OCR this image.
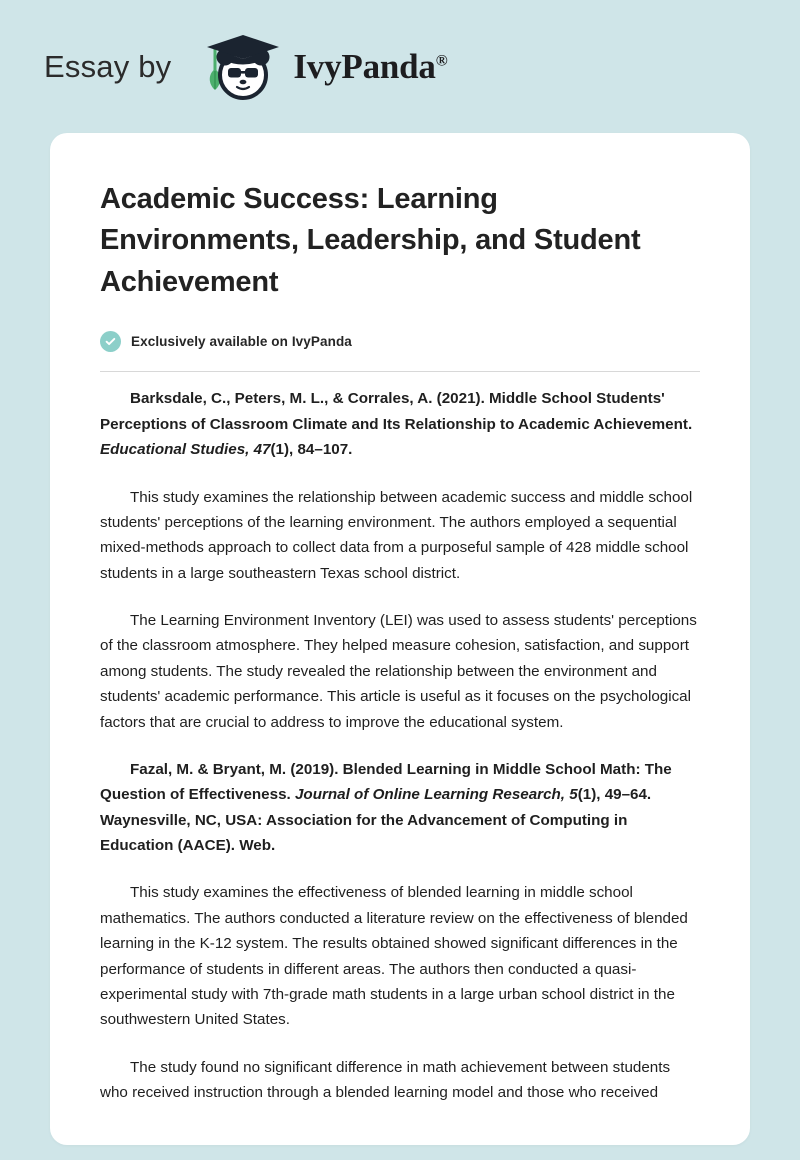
Essay by	IvyPanda®
Academic Success: Learning Environments, Leadership, and Student Achievement
Exclusively available on IvyPanda

Barksdale, C., Peters, M. L., & Corrales, A. (2021). Middle School Students' Perceptions of Classroom Climate and Its Relationship to Academic Achievement. Educational Studies, 47(1), 84–107.

This study examines the relationship between academic success and middle school students' perceptions of the learning environment. The authors employed a sequential mixed-methods approach to collect data from a purposeful sample of 428 middle school students in a large southeastern Texas school district.

The Learning Environment Inventory (LEI) was used to assess students' perceptions of the classroom atmosphere. They helped measure cohesion, satisfaction, and support among students. The study revealed the relationship between the environment and students' academic performance. This article is useful as it focuses on the psychological factors that are crucial to address to improve the educational system.

Fazal, M. & Bryant, M. (2019). Blended Learning in Middle School Math: The Question of Effectiveness. Journal of Online Learning Research, 5(1), 49–64. Waynesville, NC, USA: Association for the Advancement of Computing in Education (AACE). Web.

This study examines the effectiveness of blended learning in middle school mathematics. The authors conducted a literature review on the effectiveness of blended learning in the K-12 system. The results obtained showed significant differences in the performance of students in different areas. The authors then conducted a quasi-experimental study with 7th-grade math students in a large urban school district in the southwestern United States.

The study found no significant difference in math achievement between students who received instruction through a blended learning model and those who received
